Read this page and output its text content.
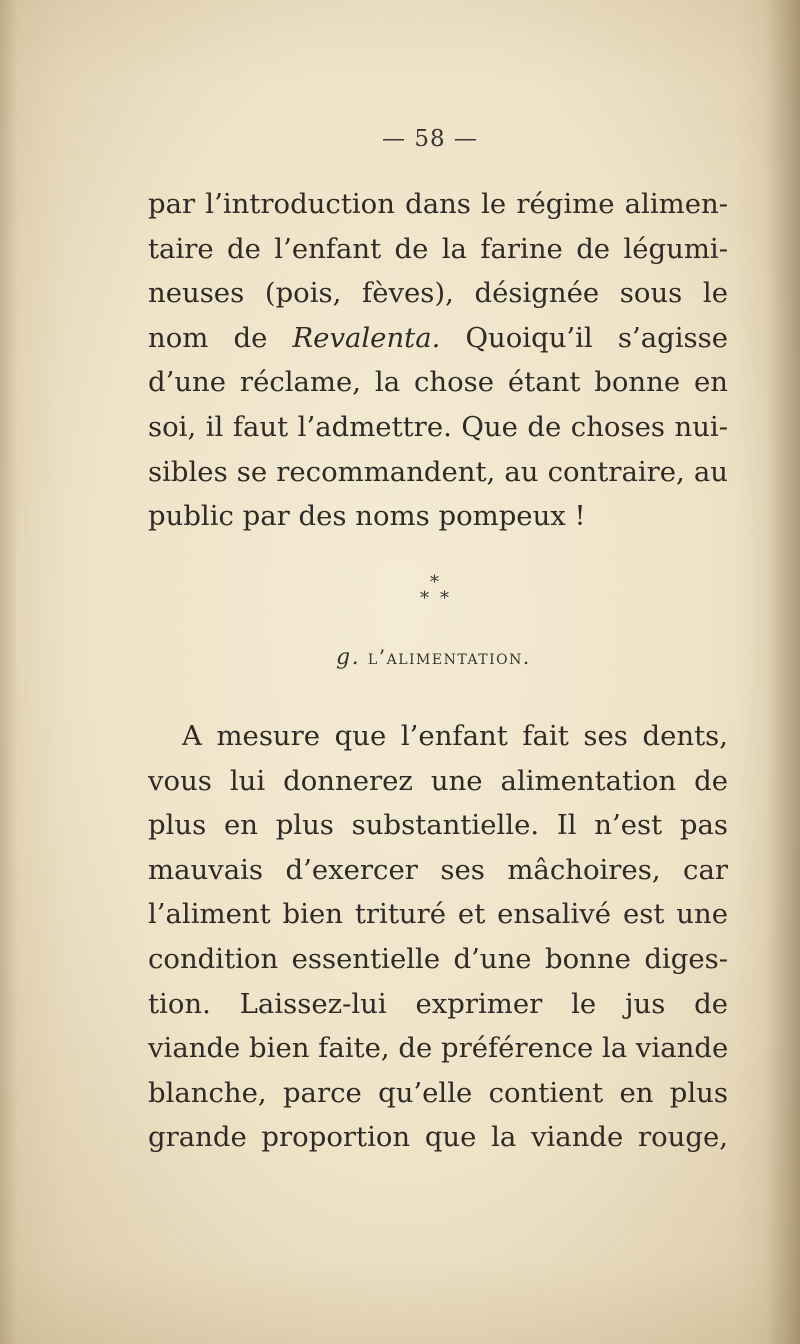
— 58 —
par l’introduction dans le régime alimen-
taire de l’enfant de la farine de légumi-
neuses (pois, fèves), désignée sous le
nom de Revalenta. Quoiqu’il s’agisse
d’une réclame, la chose étant bonne en
soi, il faut l’admettre. Que de choses nui-
sibles se recommandent, au contraire, au
public par des noms pompeux !
*
* *
g. l’alimentation.
A mesure que l’enfant fait ses dents,
vous lui donnerez une alimentation de
plus en plus substantielle. Il n’est pas
mauvais d’exercer ses mâchoires, car
l’aliment bien trituré et ensalivé est une
condition essentielle d’une bonne diges-
tion. Laissez-lui exprimer le jus de
viande bien faite, de préférence la viande
blanche, parce qu’elle contient en plus
grande proportion que la viande rouge,
